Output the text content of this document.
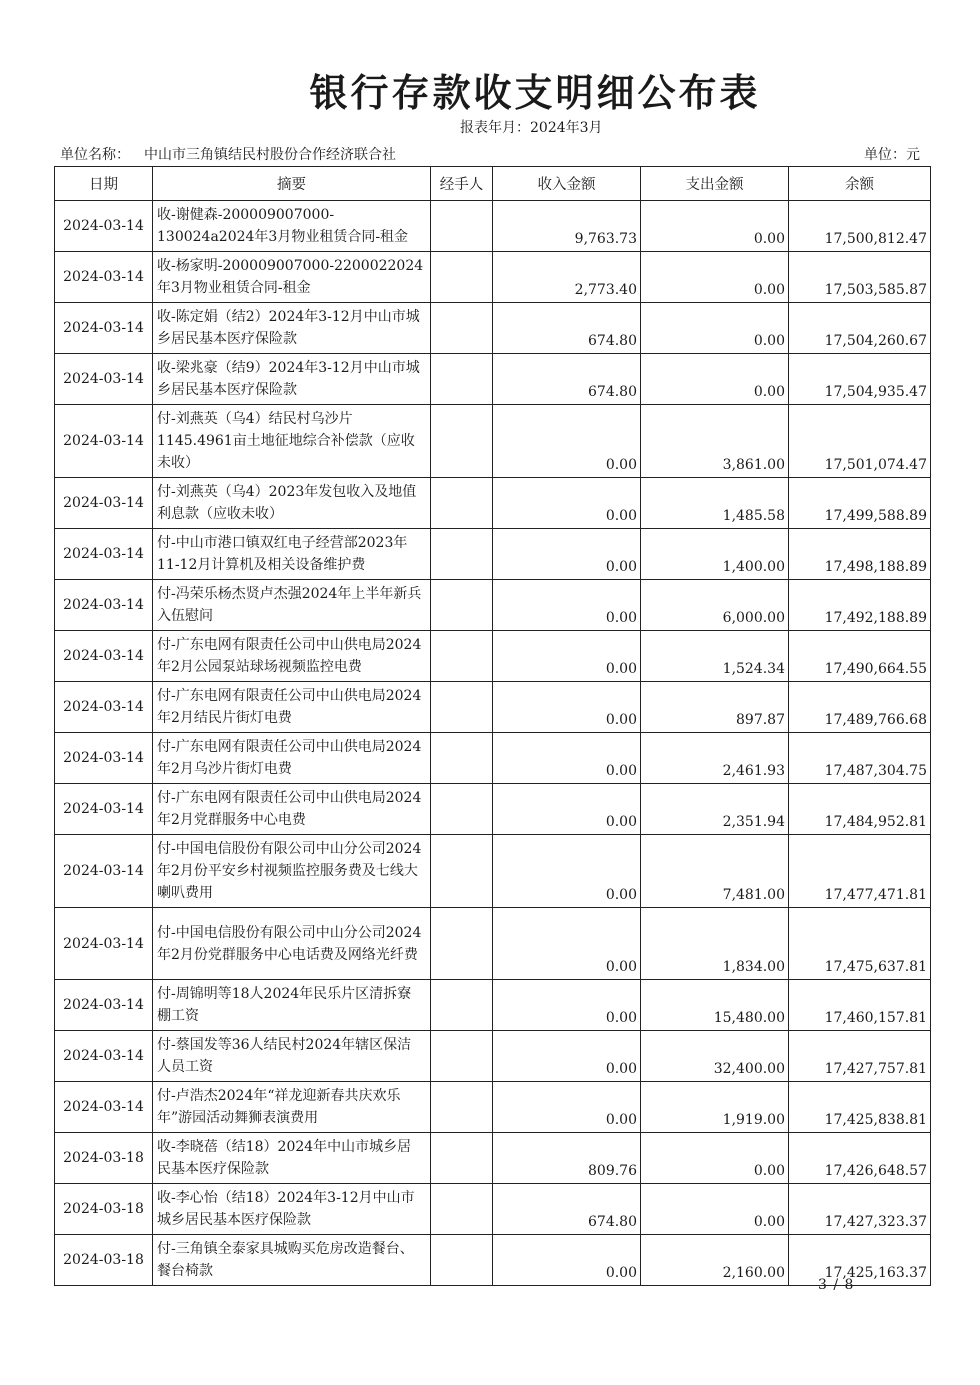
银行存款收支明细公布表
报表年月：2024年3月
单位名称： 中山市三角镇结民村股份合作经济联合社	单位：元
日期	摘要	经手人	收入金额	支出金额	余额
2024-03-14	收-谢健森-200009007000-130024a2024年3月物业租赁合同-租金		9,763.73	0.00	17,500,812.47
2024-03-14	收-杨家明-200009007000-2200022024年3月物业租赁合同-租金		2,773.40	0.00	17,503,585.87
2024-03-14	收-陈定娟（结2）2024年3-12月中山市城乡居民基本医疗保险款		674.80	0.00	17,504,260.67
2024-03-14	收-梁兆豪（结9）2024年3-12月中山市城乡居民基本医疗保险款		674.80	0.00	17,504,935.47
2024-03-14	付-刘燕英（乌4）结民村乌沙片1145.4961亩土地征地综合补偿款（应收未收）		0.00	3,861.00	17,501,074.47
2024-03-14	付-刘燕英（乌4）2023年发包收入及地值利息款（应收未收）		0.00	1,485.58	17,499,588.89
2024-03-14	付-中山市港口镇双红电子经营部2023年11-12月计算机及相关设备维护费		0.00	1,400.00	17,498,188.89
2024-03-14	付-冯荣乐杨杰贤卢杰强2024年上半年新兵入伍慰问		0.00	6,000.00	17,492,188.89
2024-03-14	付-广东电网有限责任公司中山供电局2024年2月公园泵站球场视频监控电费		0.00	1,524.34	17,490,664.55
2024-03-14	付-广东电网有限责任公司中山供电局2024年2月结民片街灯电费		0.00	897.87	17,489,766.68
2024-03-14	付-广东电网有限责任公司中山供电局2024年2月乌沙片街灯电费		0.00	2,461.93	17,487,304.75
2024-03-14	付-广东电网有限责任公司中山供电局2024年2月党群服务中心电费		0.00	2,351.94	17,484,952.81
2024-03-14	付-中国电信股份有限公司中山分公司2024年2月份平安乡村视频监控服务费及七线大喇叭费用		0.00	7,481.00	17,477,471.81
2024-03-14	付-中国电信股份有限公司中山分公司2024年2月份党群服务中心电话费及网络光纤费		0.00	1,834.00	17,475,637.81
2024-03-14	付-周锦明等18人2024年民乐片区清拆寮棚工资		0.00	15,480.00	17,460,157.81
2024-03-14	付-蔡国发等36人结民村2024年辖区保洁人员工资		0.00	32,400.00	17,427,757.81
2024-03-14	付-卢浩杰2024年“祥龙迎新春共庆欢乐年”游园活动舞狮表演费用		0.00	1,919.00	17,425,838.81
2024-03-18	收-李晓蓓（结18）2024年中山市城乡居民基本医疗保险款		809.76	0.00	17,426,648.57
2024-03-18	收-李心怡（结18）2024年3-12月中山市城乡居民基本医疗保险款		674.80	0.00	17,427,323.37
2024-03-18	付-三角镇全泰家具城购买危房改造餐台、餐台椅款		0.00	2,160.00	17,425,163.37
3 / 8
